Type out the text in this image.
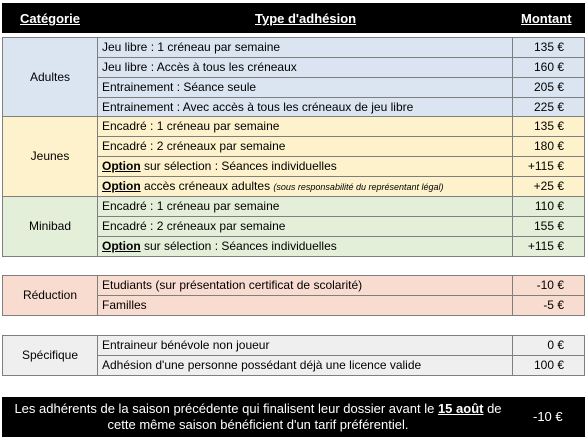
Catégorie	Type d'adhésion	Montant
Adultes	Jeu libre : 1 créneau par semaine	135 €
	Jeu libre : Accès à tous les créneaux	160 €
	Entrainement : Séance seule	205 €
	Entrainement : Avec accès à tous les créneaux de jeu libre	225 €
Jeunes	Encadré : 1 créneau par semaine	135 €
	Encadré : 2 créneaux par semaine	180 €
	Option sur sélection : Séances individuelles	+115 €
	Option accès créneaux adultes (sous responsabilité du représentant légal)	+25 €
Minibad	Encadré : 1 créneau par semaine	110 €
	Encadré : 2 créneaux par semaine	155 €
	Option sur sélection : Séances individuelles	+115 €
Réduction	Etudiants (sur présentation certificat de scolarité)	-10 €
	Familles	-5 €
Spécifique	Entraineur bénévole non joueur	0 €
	Adhésion d'une personne possédant déjà une licence valide	100 €
Les adhérents de la saison précédente qui finalisent leur dossier avant le 15 août de cette même saison bénéficient d'un tarif préférentiel.
-10 €
